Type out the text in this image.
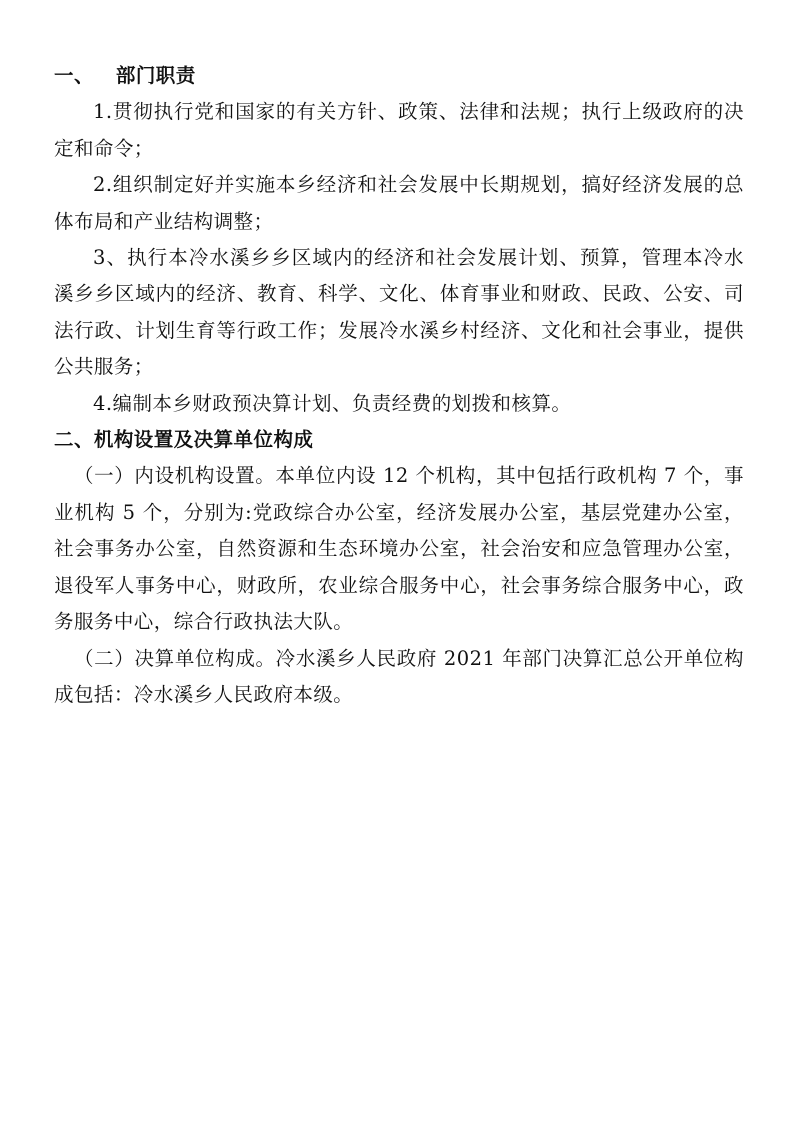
一、 部门职责

1.贯彻执行党和国家的有关方针、政策、法律和法规；执行上级政府的决定和命令；

2.组织制定好并实施本乡经济和社会发展中长期规划，搞好经济发展的总体布局和产业结构调整；

3、执行本冷水溪乡乡区域内的经济和社会发展计划、预算，管理本冷水溪乡乡区域内的经济、教育、科学、文化、体育事业和财政、民政、公安、司法行政、计划生育等行政工作；发展冷水溪乡村经济、文化和社会事业，提供公共服务；

4.编制本乡财政预决算计划、负责经费的划拨和核算。

二、机构设置及决算单位构成

（一）内设机构设置。本单位内设 12 个机构，其中包括行政机构 7 个，事业机构 5 个，分别为:党政综合办公室，经济发展办公室，基层党建办公室，社会事务办公室，自然资源和生态环境办公室，社会治安和应急管理办公室，退役军人事务中心，财政所，农业综合服务中心，社会事务综合服务中心，政务服务中心，综合行政执法大队。

（二）决算单位构成。冷水溪乡人民政府 2021 年部门决算汇总公开单位构成包括：冷水溪乡人民政府本级。
